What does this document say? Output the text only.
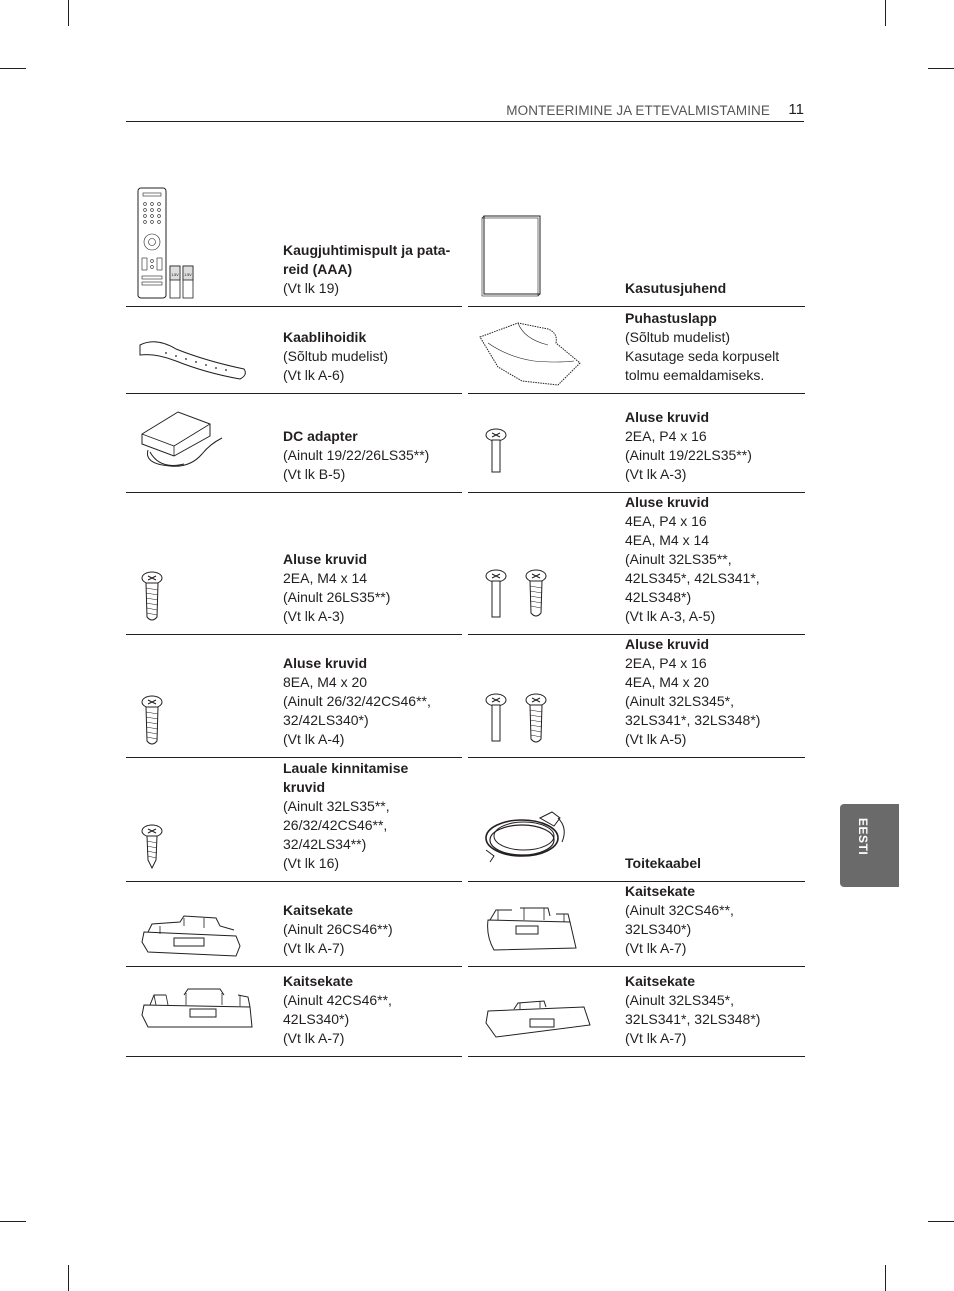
MONTEERIMINE JA ETTEVALMISTAMINE 11
EESTI
1.5V 1.5V
Kaugjuhtimispult ja pata-
reid (AAA)
(Vt lk 19)
Kaablihoidik
(Sõltub mudelist)
(Vt lk A-6)
DC adapter
(Ainult 19/22/26LS35**)
(Vt lk B-5)
Aluse kruvid
2EA, M4 x 14
(Ainult 26LS35**)
(Vt lk A-3)
Aluse kruvid
8EA, M4 x 20
(Ainult 26/32/42CS46**,
32/42LS340*)
(Vt lk A-4)
Lauale kinnitamise
kruvid
(Ainult 32LS35**,
26/32/42CS46**,
32/42LS34**)
(Vt lk 16)
Kaitsekate
(Ainult 26CS46**)
(Vt lk A-7)
Kaitsekate
(Ainult 42CS46**,
42LS340*)
(Vt lk A-7)
Kasutusjuhend
Puhastuslapp
(Sõltub mudelist)
Kasutage seda korpuselt
tolmu eemaldamiseks.
Aluse kruvid
2EA, P4 x 16
(Ainult 19/22LS35**)
(Vt lk A-3)
Aluse kruvid
4EA, P4 x 16
4EA, M4 x 14
(Ainult 32LS35**,
42LS345*, 42LS341*,
42LS348*)
(Vt lk A-3, A-5)
Aluse kruvid
2EA, P4 x 16
4EA, M4 x 20
(Ainult 32LS345*,
32LS341*, 32LS348*)
(Vt lk A-5)
Toitekaabel
Kaitsekate
(Ainult 32CS46**,
32LS340*)
(Vt lk A-7)
Kaitsekate
(Ainult 32LS345*,
32LS341*, 32LS348*)
(Vt lk A-7)
